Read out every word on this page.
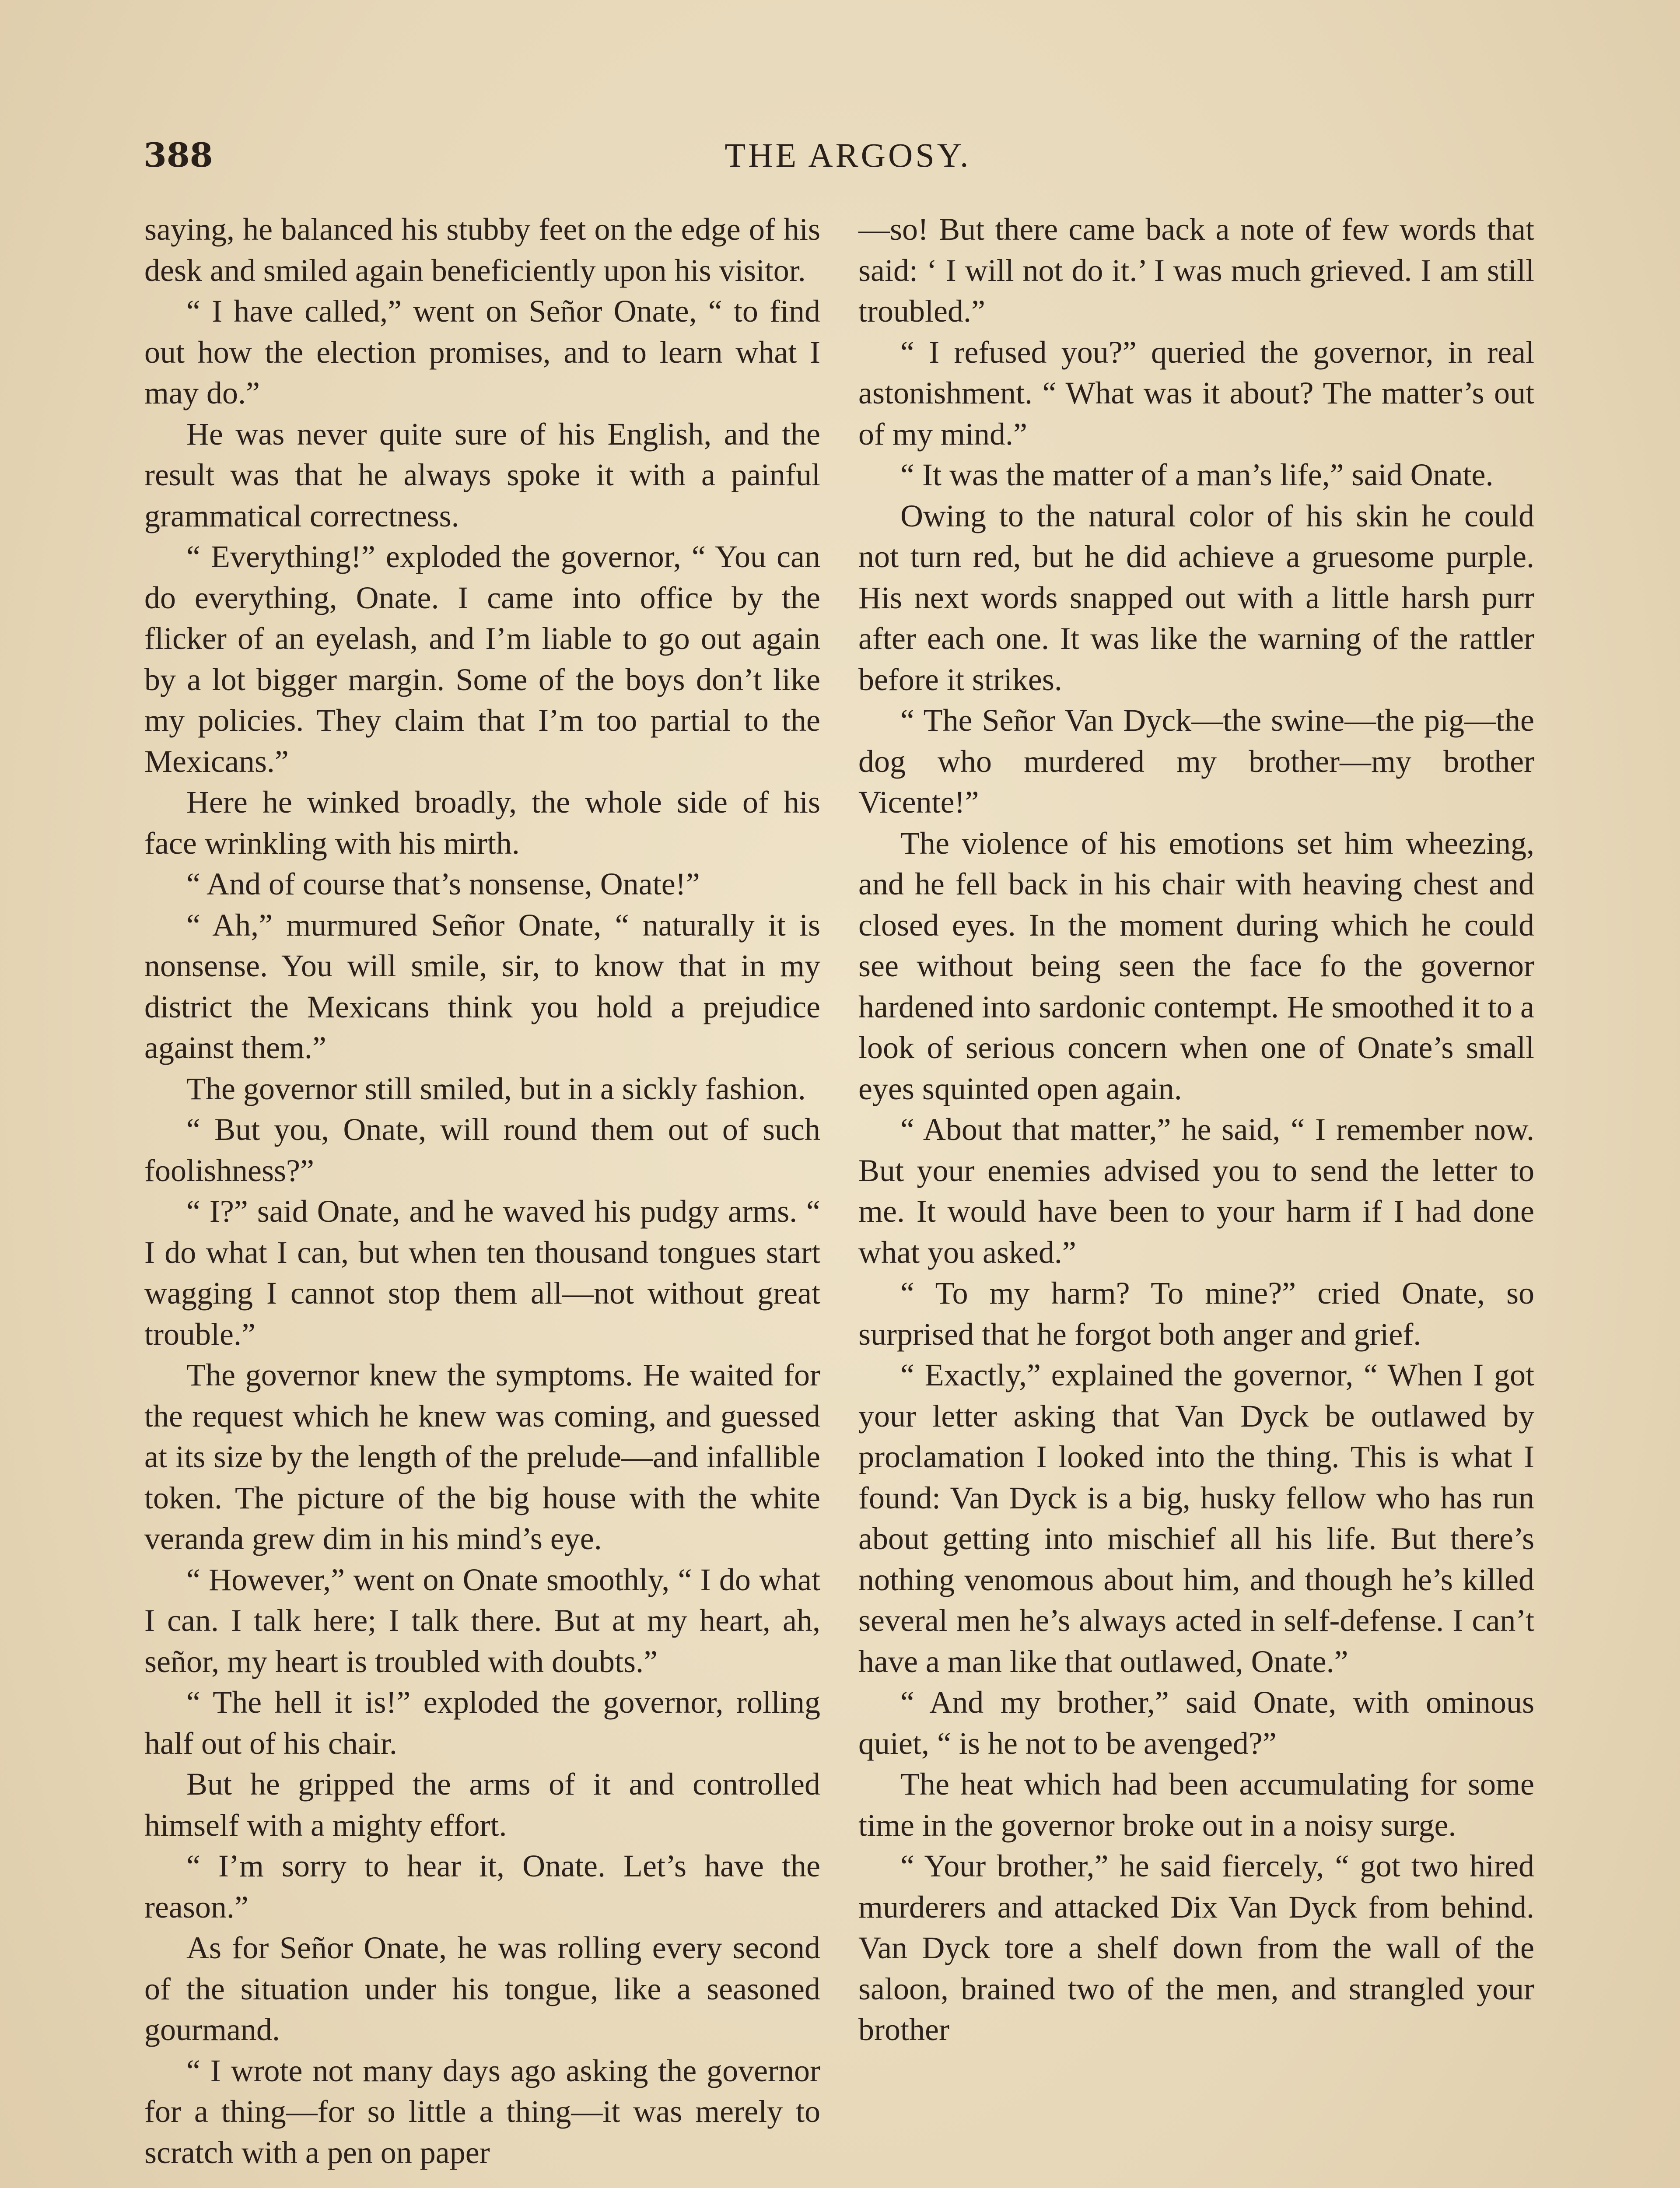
THE ARGOSY.
388

saying, he balanced his stubby feet on the edge of his desk and smiled again beneficiently upon his visitor.

“ I have called,” went on Señor Onate, “ to find out how the election promises, and to learn what I may do.”

He was never quite sure of his English, and the result was that he always spoke it with a painful grammatical correctness.

“ Everything!” exploded the governor, “ You can do everything, Onate. I came into office by the flicker of an eyelash, and I’m liable to go out again by a lot bigger margin. Some of the boys don’t like my policies. They claim that I’m too partial to the Mexicans.”

Here he winked broadly, the whole side of his face wrinkling with his mirth.

“ And of course that’s nonsense, Onate!”

“ Ah,” murmured Señor Onate, “ naturally it is nonsense. You will smile, sir, to know that in my district the Mexicans think you hold a prejudice against them.”

The governor still smiled, but in a sickly fashion.

“ But you, Onate, will round them out of such foolishness?”

“ I?” said Onate, and he waved his pudgy arms. “ I do what I can, but when ten thousand tongues start wagging I cannot stop them all—not without great trouble.”

The governor knew the symptoms. He waited for the request which he knew was coming, and guessed at its size by the length of the prelude—and infallible token. The picture of the big house with the white veranda grew dim in his mind’s eye.

“ However,” went on Onate smoothly, “ I do what I can. I talk here; I talk there. But at my heart, ah, señor, my heart is troubled with doubts.”

“ The hell it is!” exploded the governor, rolling half out of his chair.

But he gripped the arms of it and controlled himself with a mighty effort.

“ I’m sorry to hear it, Onate. Let’s have the reason.”

As for Señor Onate, he was rolling every second of the situation under his tongue, like a seasoned gourmand.

“ I wrote not many days ago asking the governor for a thing—for so little a thing—it was merely to scratch with a pen on paper

—so! But there came back a note of few words that said: ‘ I will not do it.’ I was much grieved. I am still troubled.”

“ I refused you?” queried the governor, in real astonishment. “ What was it about? The matter’s out of my mind.”

“ It was the matter of a man’s life,” said Onate.

Owing to the natural color of his skin he could not turn red, but he did achieve a gruesome purple. His next words snapped out with a little harsh purr after each one. It was like the warning of the rattler before it strikes.

“ The Señor Van Dyck—the swine—the pig—the dog who murdered my brother—my brother Vicente!”

The violence of his emotions set him wheezing, and he fell back in his chair with heaving chest and closed eyes. In the moment during which he could see without being seen the face fo the governor hardened into sardonic contempt. He smoothed it to a look of serious concern when one of Onate’s small eyes squinted open again.

“ About that matter,” he said, “ I remember now. But your enemies advised you to send the letter to me. It would have been to your harm if I had done what you asked.”

“ To my harm? To mine?” cried Onate, so surprised that he forgot both anger and grief.

“ Exactly,” explained the governor, “ When I got your letter asking that Van Dyck be outlawed by proclamation I looked into the thing. This is what I found: Van Dyck is a big, husky fellow who has run about getting into mischief all his life. But there’s nothing venomous about him, and though he’s killed several men he’s always acted in self-defense. I can’t have a man like that outlawed, Onate.”

“ And my brother,” said Onate, with ominous quiet, “ is he not to be avenged?”

The heat which had been accumulating for some time in the governor broke out in a noisy surge.

“ Your brother,” he said fiercely, “ got two hired murderers and attacked Dix Van Dyck from behind. Van Dyck tore a shelf down from the wall of the saloon, brained two of the men, and strangled your brother
